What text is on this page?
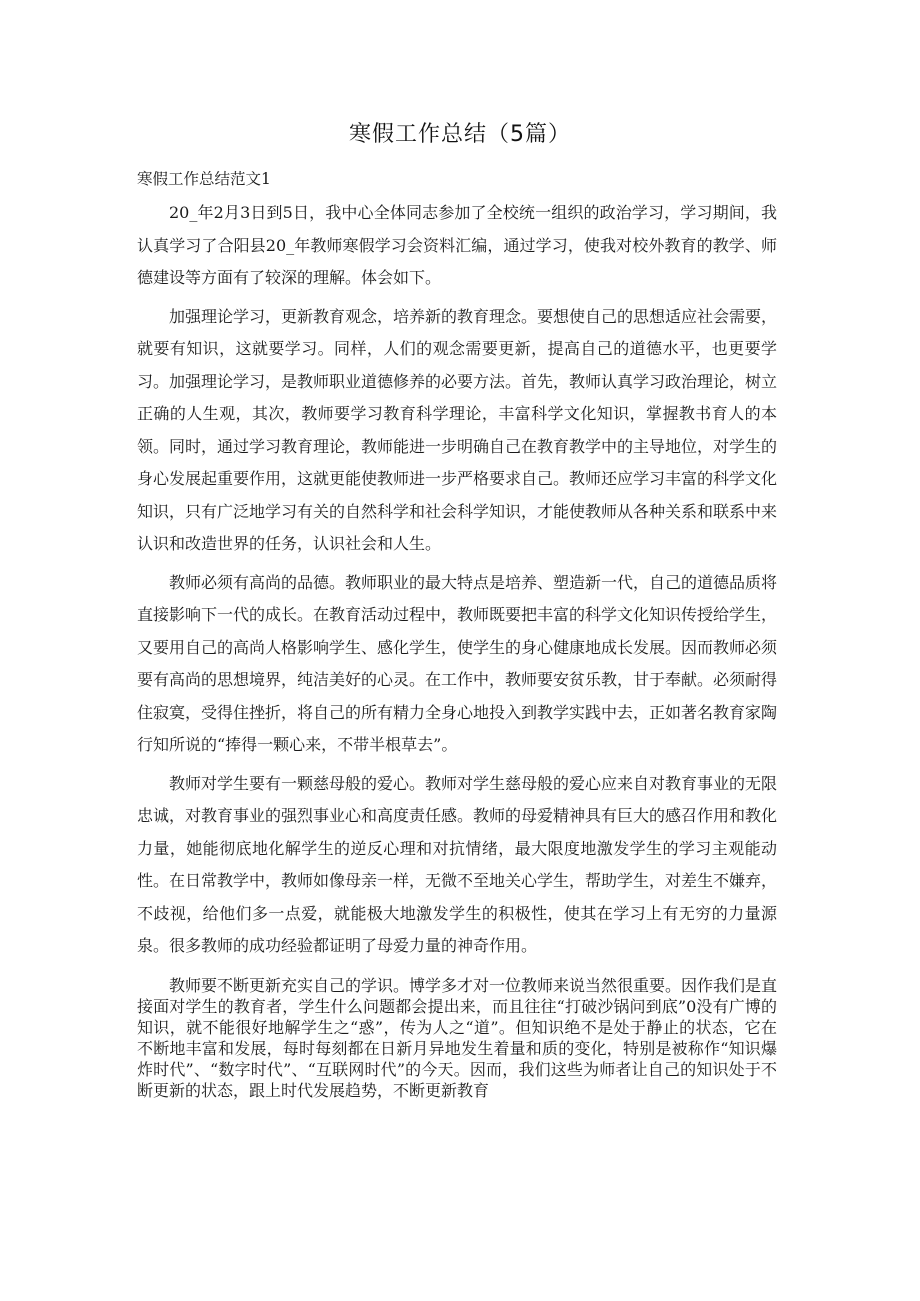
寒假工作总结（5篇）

寒假工作总结范文1

20_年2月3日到5日，我中心全体同志参加了全校统一组织的政治学习，学习期间，我认真学习了合阳县20_年教师寒假学习会资料汇编，通过学习，使我对校外教育的教学、师德建设等方面有了较深的理解。体会如下。

加强理论学习，更新教育观念，培养新的教育理念。要想使自己的思想适应社会需要，就要有知识，这就要学习。同样，人们的观念需要更新，提高自己的道德水平，也更要学习。加强理论学习，是教师职业道德修养的必要方法。首先，教师认真学习政治理论，树立正确的人生观，其次，教师要学习教育科学理论，丰富科学文化知识，掌握教书育人的本领。同时，通过学习教育理论，教师能进一步明确自己在教育教学中的主导地位，对学生的身心发展起重要作用，这就更能使教师进一步严格要求自己。教师还应学习丰富的科学文化知识，只有广泛地学习有关的自然科学和社会科学知识，才能使教师从各种关系和联系中来认识和改造世界的任务，认识社会和人生。

教师必须有高尚的品德。教师职业的最大特点是培养、塑造新一代，自己的道德品质将直接影响下一代的成长。在教育活动过程中，教师既要把丰富的科学文化知识传授给学生，又要用自己的高尚人格影响学生、感化学生，使学生的身心健康地成长发展。因而教师必须要有高尚的思想境界，纯洁美好的心灵。在工作中，教师要安贫乐教，甘于奉献。必须耐得住寂寞，受得住挫折，将自己的所有精力全身心地投入到教学实践中去，正如著名教育家陶行知所说的“捧得一颗心来，不带半根草去”。

教师对学生要有一颗慈母般的爱心。教师对学生慈母般的爱心应来自对教育事业的无限忠诚，对教育事业的强烈事业心和高度责任感。教师的母爱精神具有巨大的感召作用和教化力量，她能彻底地化解学生的逆反心理和对抗情绪，最大限度地激发学生的学习主观能动性。在日常教学中，教师如像母亲一样，无微不至地关心学生，帮助学生，对差生不嫌弃，不歧视，给他们多一点爱，就能极大地激发学生的积极性，使其在学习上有无穷的力量源泉。很多教师的成功经验都证明了母爱力量的神奇作用。

教师要不断更新充实自己的学识。博学多才对一位教师来说当然很重要。因作我们是直接面对学生的教育者，学生什么问题都会提出来，而且往往“打破沙锅问到底”0没有广博的知识，就不能很好地解学生之“惑”，传为人之“道”。但知识绝不是处于静止的状态，它在不断地丰富和发展，每时每刻都在日新月异地发生着量和质的变化，特别是被称作“知识爆炸时代”、“数字时代”、“互联网时代”的今天。因而，我们这些为师者让自己的知识处于不断更新的状态，跟上时代发展趋势，不断更新教育
